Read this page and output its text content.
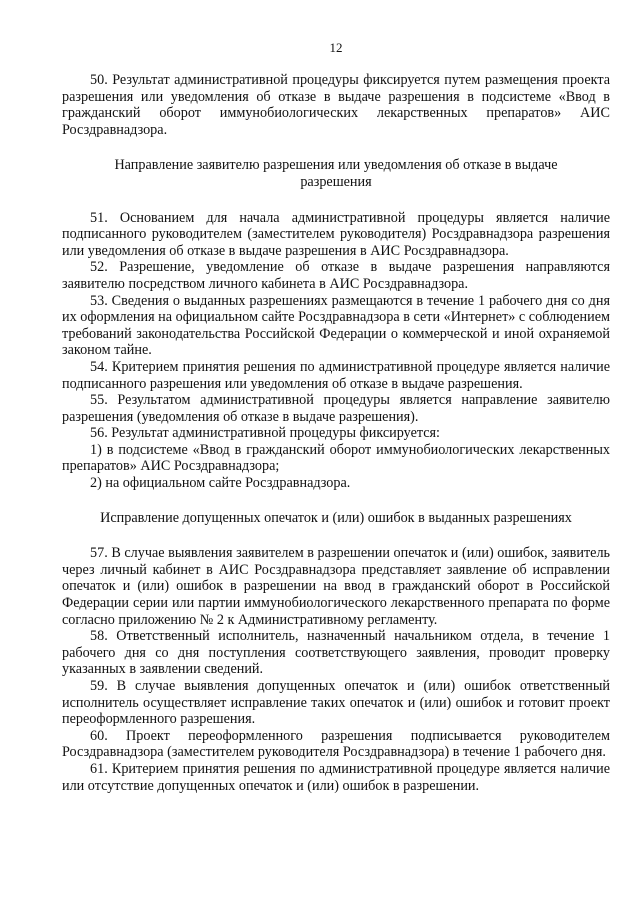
12

50. Результат административной процедуры фиксируется путем размещения проекта разрешения или уведомления об отказе в выдаче разрешения в подсистеме «Ввод в гражданский оборот иммунобиологических лекарственных препаратов» АИС Росздравнадзора.

Направление заявителю разрешения или уведомления об отказе в выдаче разрешения

51. Основанием для начала административной процедуры является наличие подписанного руководителем (заместителем руководителя) Росздравнадзора разрешения или уведомления об отказе в выдаче разрешения в АИС Росздравнадзора.

52. Разрешение, уведомление об отказе в выдаче разрешения направляются заявителю посредством личного кабинета в АИС Росздравнадзора.

53. Сведения о выданных разрешениях размещаются в течение 1 рабочего дня со дня их оформления на официальном сайте Росздравнадзора в сети «Интернет» с соблюдением требований законодательства Российской Федерации о коммерческой и иной охраняемой законом тайне.

54. Критерием принятия решения по административной процедуре является наличие подписанного разрешения или уведомления об отказе в выдаче разрешения.

55. Результатом административной процедуры является направление заявителю разрешения (уведомления об отказе в выдаче разрешения).

56. Результат административной процедуры фиксируется:

1) в подсистеме «Ввод в гражданский оборот иммунобиологических лекарственных препаратов» АИС Росздравнадзора;

2) на официальном сайте Росздравнадзора.

Исправление допущенных опечаток и (или) ошибок в выданных разрешениях

57. В случае выявления заявителем в разрешении опечаток и (или) ошибок, заявитель через личный кабинет в АИС Росздравнадзора представляет заявление об исправлении опечаток и (или) ошибок в разрешении на ввод в гражданский оборот в Российской Федерации серии или партии иммунобиологического лекарственного препарата по форме согласно приложению № 2 к Административному регламенту.

58. Ответственный исполнитель, назначенный начальником отдела, в течение 1 рабочего дня со дня поступления соответствующего заявления, проводит проверку указанных в заявлении сведений.

59. В случае выявления допущенных опечаток и (или) ошибок ответственный исполнитель осуществляет исправление таких опечаток и (или) ошибок и готовит проект переоформленного разрешения.

60. Проект переоформленного разрешения подписывается руководителем Росздравнадзора (заместителем руководителя Росздравнадзора) в течение 1 рабочего дня.

61. Критерием принятия решения по административной процедуре является наличие или отсутствие допущенных опечаток и (или) ошибок в разрешении.
